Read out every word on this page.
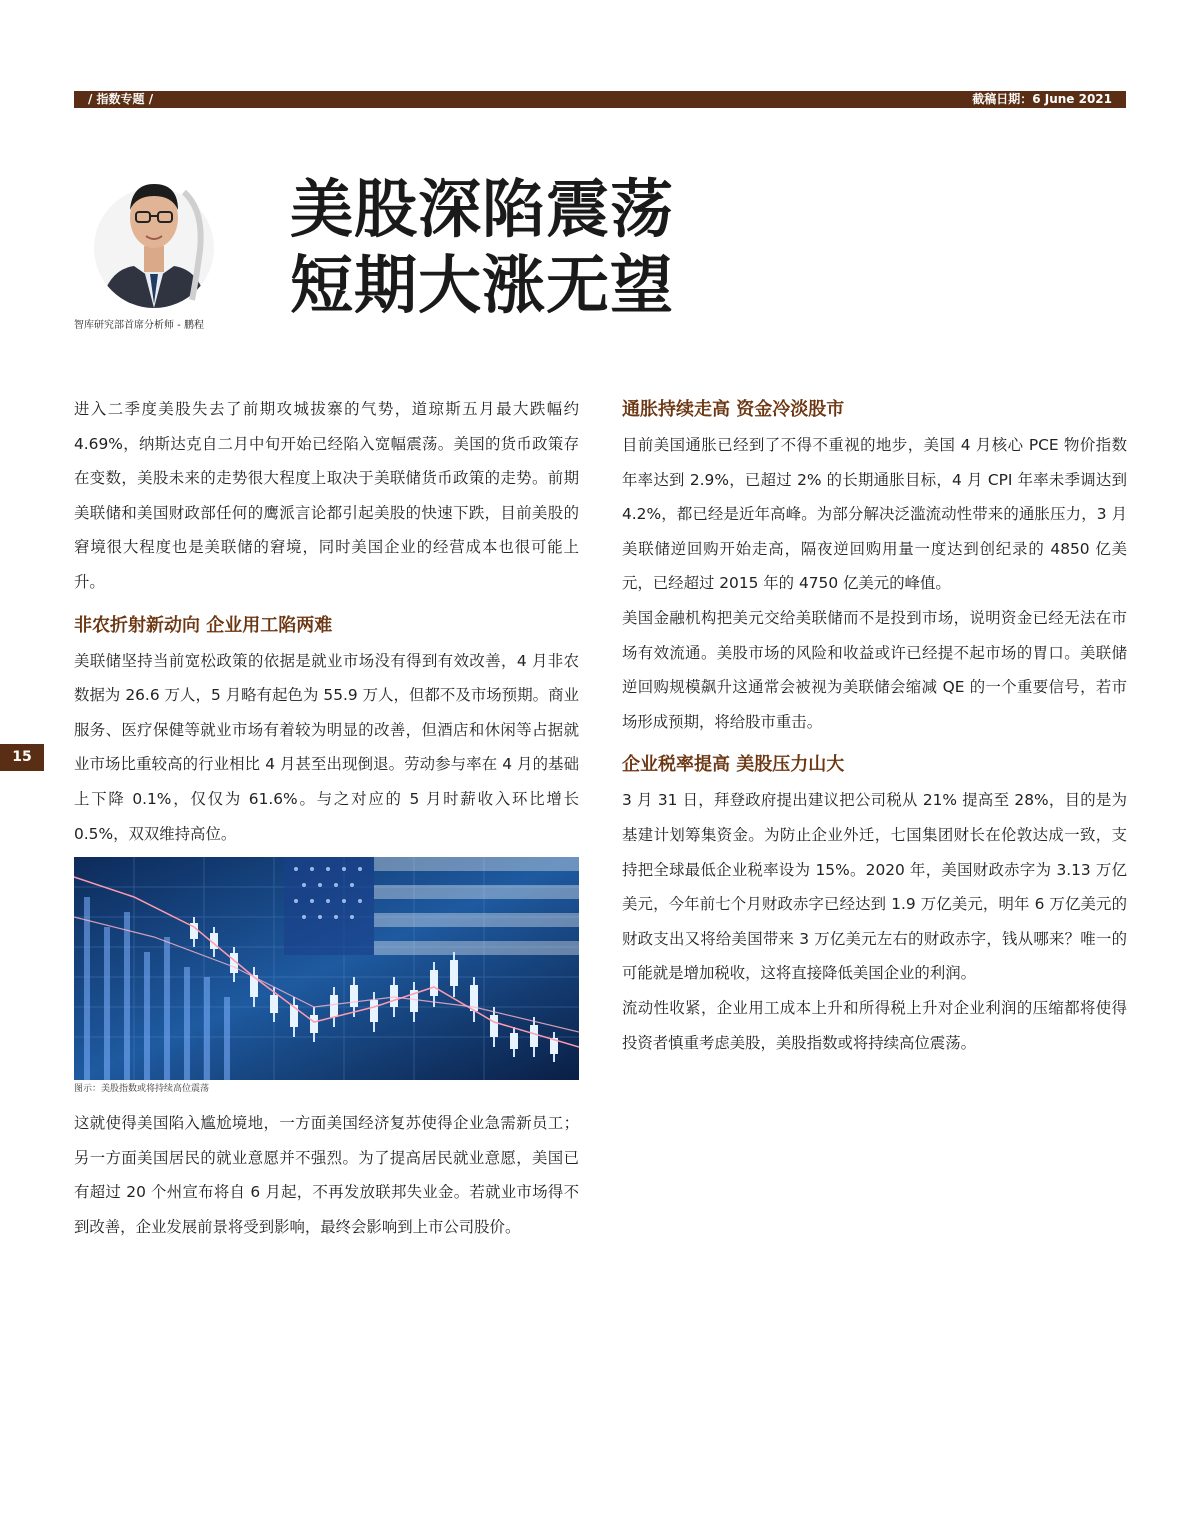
/ 指数专题 /	截稿日期：6 June 2021
智库研究部首席分析师 - 鹏程
美股深陷震荡
短期大涨无望
15

进入二季度美股失去了前期攻城拔寨的气势，道琼斯五月最大跌幅约 4.69%，纳斯达克自二月中旬开始已经陷入宽幅震荡。美国的货币政策存在变数，美股未来的走势很大程度上取决于美联储货币政策的走势。前期美联储和美国财政部任何的鹰派言论都引起美股的快速下跌，目前美股的窘境很大程度也是美联储的窘境，同时美国企业的经营成本也很可能上升。

非农折射新动向 企业用工陷两难

美联储坚持当前宽松政策的依据是就业市场没有得到有效改善，4 月非农数据为 26.6 万人，5 月略有起色为 55.9 万人，但都不及市场预期。商业服务、医疗保健等就业市场有着较为明显的改善，但酒店和休闲等占据就业市场比重较高的行业相比 4 月甚至出现倒退。劳动参与率在 4 月的基础上下降 0.1%，仅仅为 61.6%。与之对应的 5 月时薪收入环比增长 0.5%，双双维持高位。

图示：美股指数或将持续高位震荡

这就使得美国陷入尴尬境地，一方面美国经济复苏使得企业急需新员工；另一方面美国居民的就业意愿并不强烈。为了提高居民就业意愿，美国已有超过 20 个州宣布将自 6 月起，不再发放联邦失业金。若就业市场得不到改善，企业发展前景将受到影响，最终会影响到上市公司股价。

通胀持续走高 资金冷淡股市

目前美国通胀已经到了不得不重视的地步，美国 4 月核心 PCE 物价指数年率达到 2.9%，已超过 2% 的长期通胀目标，4 月 CPI 年率未季调达到 4.2%，都已经是近年高峰。为部分解决泛滥流动性带来的通胀压力，3 月美联储逆回购开始走高，隔夜逆回购用量一度达到创纪录的 4850 亿美元，已经超过 2015 年的 4750 亿美元的峰值。

美国金融机构把美元交给美联储而不是投到市场，说明资金已经无法在市场有效流通。美股市场的风险和收益或许已经提不起市场的胃口。美联储逆回购规模飙升这通常会被视为美联储会缩减 QE 的一个重要信号，若市场形成预期，将给股市重击。

企业税率提高 美股压力山大

3 月 31 日，拜登政府提出建议把公司税从 21% 提高至 28%，目的是为基建计划筹集资金。为防止企业外迁，七国集团财长在伦敦达成一致，支持把全球最低企业税率设为 15%。2020 年，美国财政赤字为 3.13 万亿美元，今年前七个月财政赤字已经达到 1.9 万亿美元，明年 6 万亿美元的财政支出又将给美国带来 3 万亿美元左右的财政赤字，钱从哪来？唯一的可能就是增加税收，这将直接降低美国企业的利润。

流动性收紧，企业用工成本上升和所得税上升对企业利润的压缩都将使得投资者慎重考虑美股，美股指数或将持续高位震荡。
